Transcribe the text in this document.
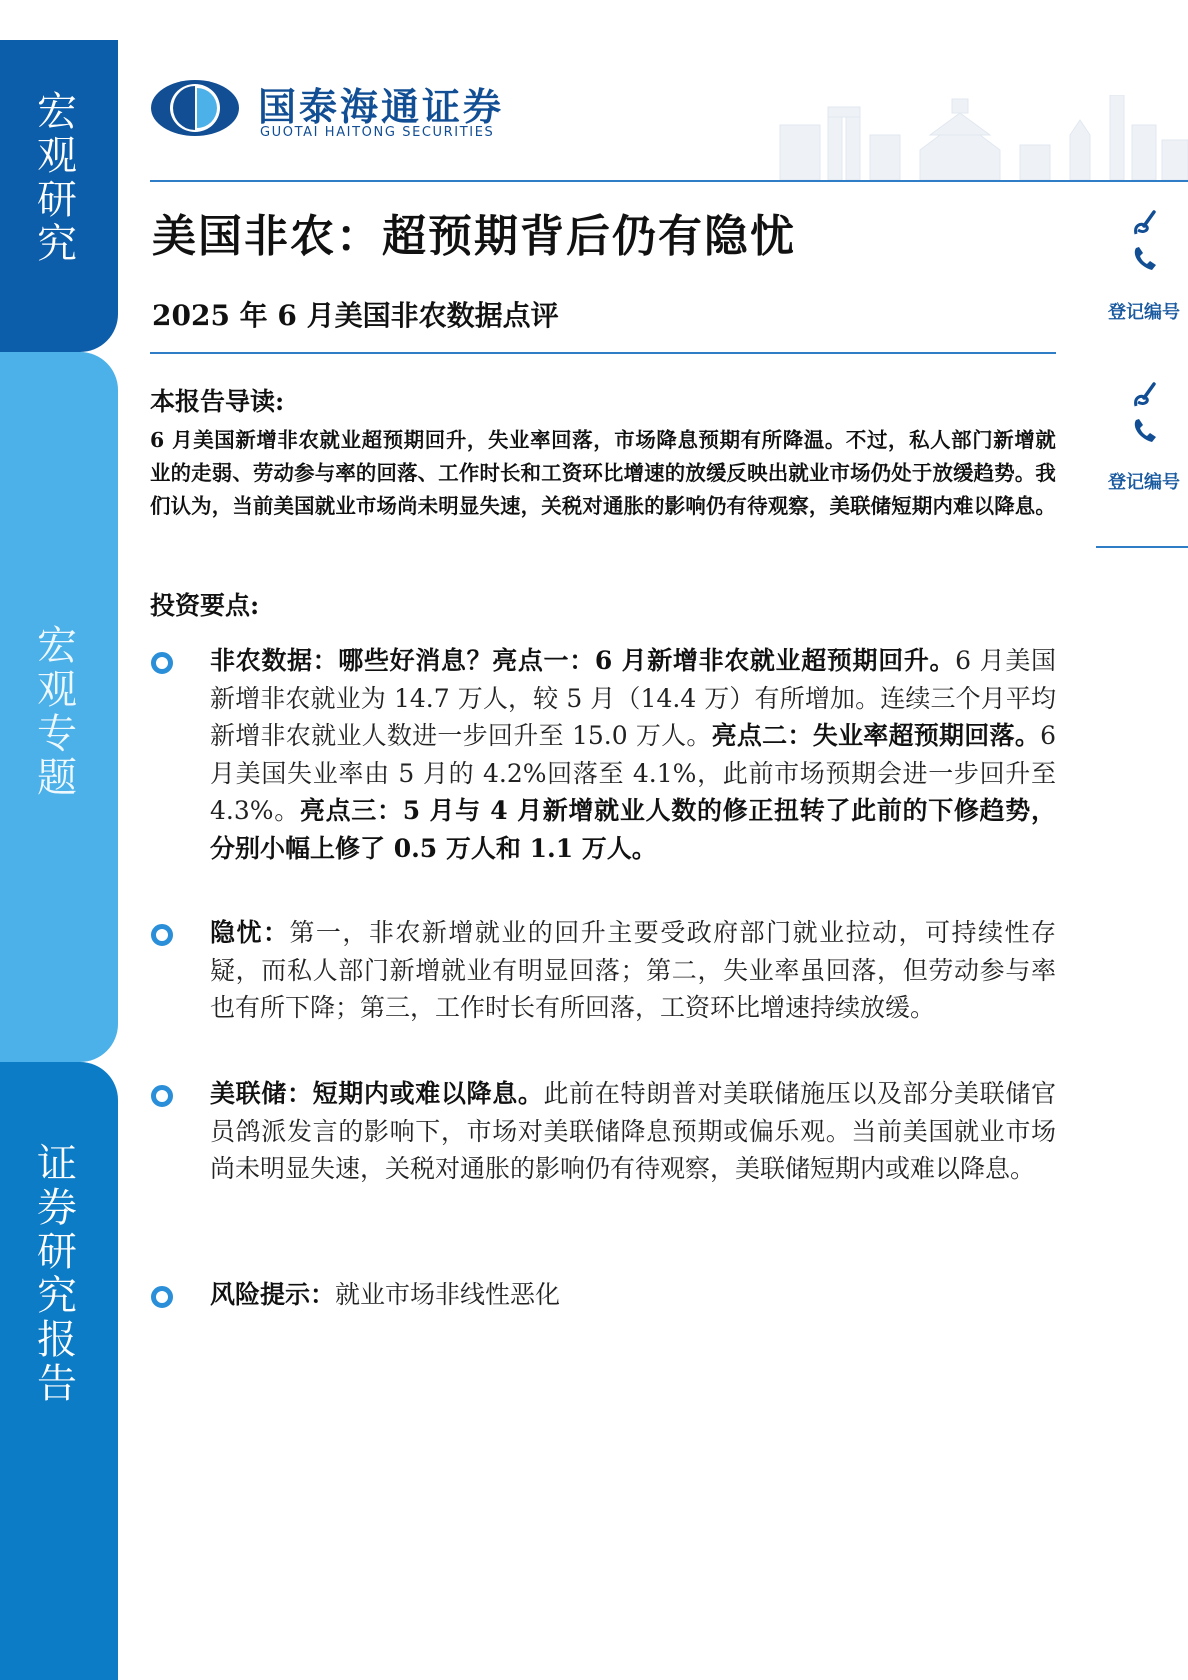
宏观研究
宏观专题
证券研究报告
国泰海通证券
GUOTAI HAITONG SECURITIES
美国非农：超预期背后仍有隐忧
2025 年 6 月美国非农数据点评	登记编号
登记编号
本报告导读:
6 月美国新增非农就业超预期回升，失业率回落，市场降息预期有所降温。不过，私人部门新增就业的走弱、劳动参与率的回落、工作时长和工资环比增速的放缓反映出就业市场仍处于放缓趋势。我们认为，当前美国就业市场尚未明显失速，关税对通胀的影响仍有待观察，美联储短期内难以降息。
投资要点:
非农数据：哪些好消息？亮点一：6 月新增非农就业超预期回升。6 月美国新增非农就业为 14.7 万人，较 5 月（14.4 万）有所增加。连续三个月平均新增非农就业人数进一步回升至 15.0 万人。亮点二：失业率超预期回落。6 月美国失业率由 5 月的 4.2%回落至 4.1%，此前市场预期会进一步回升至 4.3%。亮点三：5 月与 4 月新增就业人数的修正扭转了此前的下修趋势，分别小幅上修了 0.5 万人和 1.1 万人。
隐忧：第一，非农新增就业的回升主要受政府部门就业拉动，可持续性存疑，而私人部门新增就业有明显回落；第二，失业率虽回落，但劳动参与率也有所下降；第三，工作时长有所回落，工资环比增速持续放缓。
美联储：短期内或难以降息。此前在特朗普对美联储施压以及部分美联储官员鸽派发言的影响下，市场对美联储降息预期或偏乐观。当前美国就业市场尚未明显失速，关税对通胀的影响仍有待观察，美联储短期内或难以降息。
风险提示：就业市场非线性恶化
